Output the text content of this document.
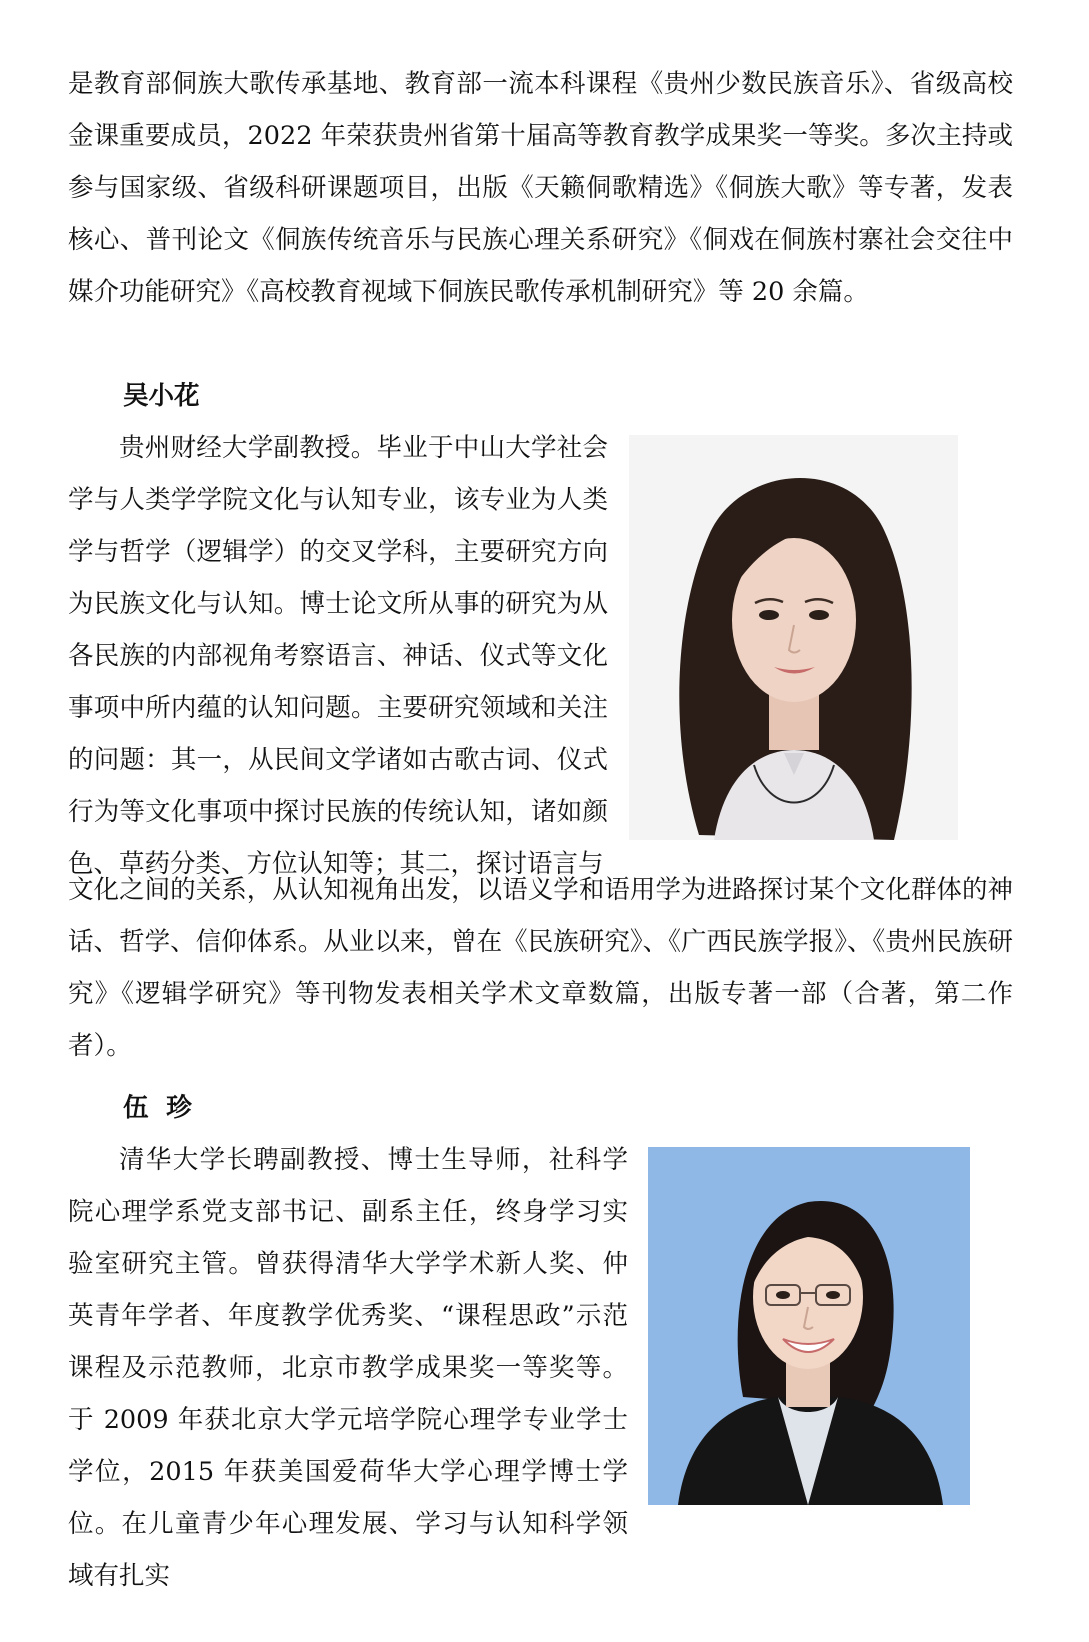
是教育部侗族大歌传承基地、教育部一流本科课程《贵州少数民族音乐》、省级高校金课重要成员，2022 年荣获贵州省第十届高等教育教学成果奖一等奖。多次主持或参与国家级、省级科研课题项目，出版《天籁侗歌精选》《侗族大歌》等专著，发表核心、普刊论文《侗族传统音乐与民族心理关系研究》《侗戏在侗族村寨社会交往中媒介功能研究》《高校教育视域下侗族民歌传承机制研究》等 20 余篇。

吴小花

贵州财经大学副教授。毕业于中山大学社会学与人类学学院文化与认知专业，该专业为人类学与哲学（逻辑学）的交叉学科，主要研究方向为民族文化与认知。博士论文所从事的研究为从各民族的内部视角考察语言、神话、仪式等文化事项中所内蕴的认知问题。主要研究领域和关注的问题：其一，从民间文学诸如古歌古词、仪式行为等文化事项中探讨民族的传统认知，诸如颜色、草药分类、方位认知等；其二，探讨语言与

文化之间的关系，从认知视角出发，以语义学和语用学为进路探讨某个文化群体的神话、哲学、信仰体系。从业以来，曾在《民族研究》、《广西民族学报》、《贵州民族研究》《逻辑学研究》等刊物发表相关学术文章数篇，出版专著一部（合著，第二作者）。

伍  珍

清华大学长聘副教授、博士生导师，社科学院心理学系党支部书记、副系主任，终身学习实验室研究主管。曾获得清华大学学术新人奖、仲英青年学者、年度教学优秀奖、“课程思政”示范课程及示范教师，北京市教学成果奖一等奖等。于 2009 年获北京大学元培学院心理学专业学士学位，2015 年获美国爱荷华大学心理学博士学位。在儿童青少年心理发展、学习与认知科学领域有扎实
